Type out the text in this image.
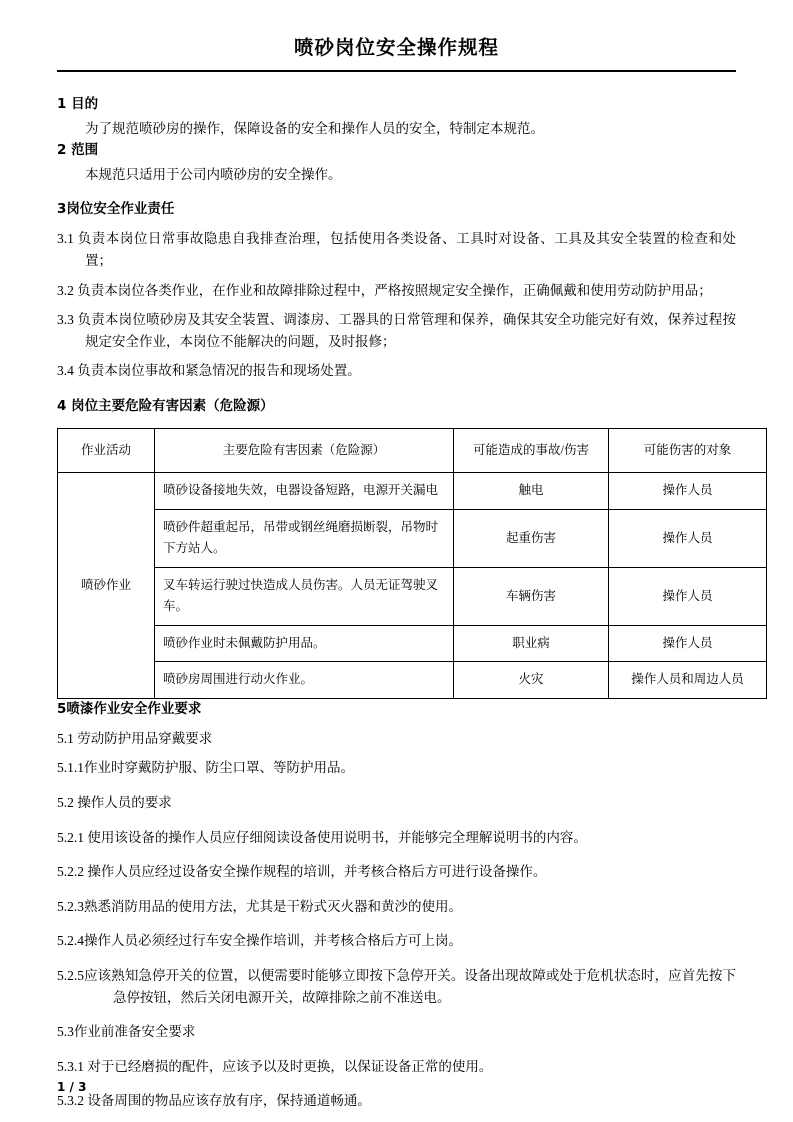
喷砂岗位安全操作规程
1 目的
为了规范喷砂房的操作，保障设备的安全和操作人员的安全，特制定本规范。
2 范围
本规范只适用于公司内喷砂房的安全操作。
3岗位安全作业责任
3.1 负责本岗位日常事故隐患自我排查治理，包括使用各类设备、工具时对设备、工具及其安全装置的检查和处置；
3.2 负责本岗位各类作业，在作业和故障排除过程中，严格按照规定安全操作，正确佩戴和使用劳动防护用品；
3.3 负责本岗位喷砂房及其安全装置、调漆房、工器具的日常管理和保养，确保其安全功能完好有效，保养过程按规定安全作业，本岗位不能解决的问题，及时报修；
3.4 负责本岗位事故和紧急情况的报告和现场处置。
4 岗位主要危险有害因素（危险源）
作业活动	主要危险有害因素（危险源）	可能造成的事故/伤害	可能伤害的对象
喷砂作业	喷砂设备接地失效，电器设备短路，电源开关漏电	触电	操作人员
	喷砂件超重起吊，吊带或钢丝绳磨损断裂，吊物时下方站人。	起重伤害	操作人员
	叉车转运行驶过快造成人员伤害。人员无证驾驶叉车。	车辆伤害	操作人员
	喷砂作业时未佩戴防护用品。	职业病	操作人员
	喷砂房周围进行动火作业。	火灾	操作人员和周边人员
5喷漆作业安全作业要求
5.1 劳动防护用品穿戴要求
5.1.1作业时穿戴防护服、防尘口罩、等防护用品。
5.2 操作人员的要求
5.2.1 使用该设备的操作人员应仔细阅读设备使用说明书，并能够完全理解说明书的内容。
5.2.2 操作人员应经过设备安全操作规程的培训，并考核合格后方可进行设备操作。
5.2.3熟悉消防用品的使用方法，尤其是干粉式灭火器和黄沙的使用。
5.2.4操作人员必须经过行车安全操作培训，并考核合格后方可上岗。
5.2.5应该熟知急停开关的位置，以便需要时能够立即按下急停开关。设备出现故障或处于危机状态时，应首先按下急停按钮，然后关闭电源开关，故障排除之前不准送电。
5.3作业前准备安全要求
5.3.1 对于已经磨损的配件，应该予以及时更换，以保证设备正常的使用。
5.3.2 设备周围的物品应该存放有序，保持通道畅通。
1 / 3
